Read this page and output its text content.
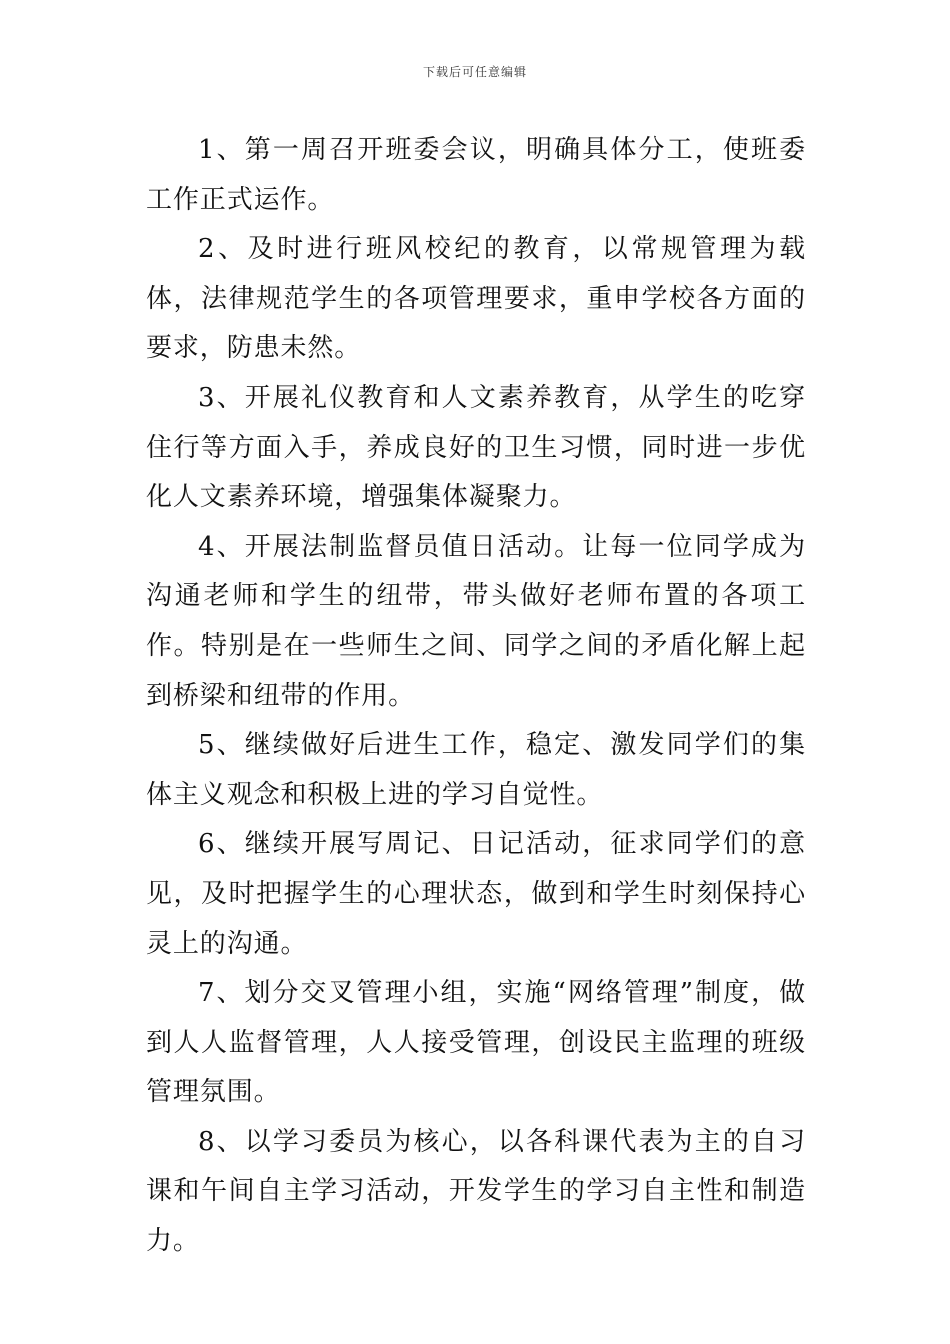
下载后可任意编辑

1、第一周召开班委会议，明确具体分工，使班委工作正式运作。

2、及时进行班风校纪的教育，以常规管理为载体，法律规范学生的各项管理要求，重申学校各方面的要求，防患未然。

3、开展礼仪教育和人文素养教育，从学生的吃穿住行等方面入手，养成良好的卫生习惯，同时进一步优化人文素养环境，增强集体凝聚力。

4、开展法制监督员值日活动。让每一位同学成为沟通老师和学生的纽带，带头做好老师布置的各项工作。特别是在一些师生之间、同学之间的矛盾化解上起到桥梁和纽带的作用。

5、继续做好后进生工作，稳定、激发同学们的集体主义观念和积极上进的学习自觉性。

6、继续开展写周记、日记活动，征求同学们的意见，及时把握学生的心理状态，做到和学生时刻保持心灵上的沟通。

7、划分交叉管理小组，实施“网络管理”制度，做到人人监督管理，人人接受管理，创设民主监理的班级管理氛围。

8、以学习委员为核心，以各科课代表为主的自习课和午间自主学习活动，开发学生的学习自主性和制造力。
